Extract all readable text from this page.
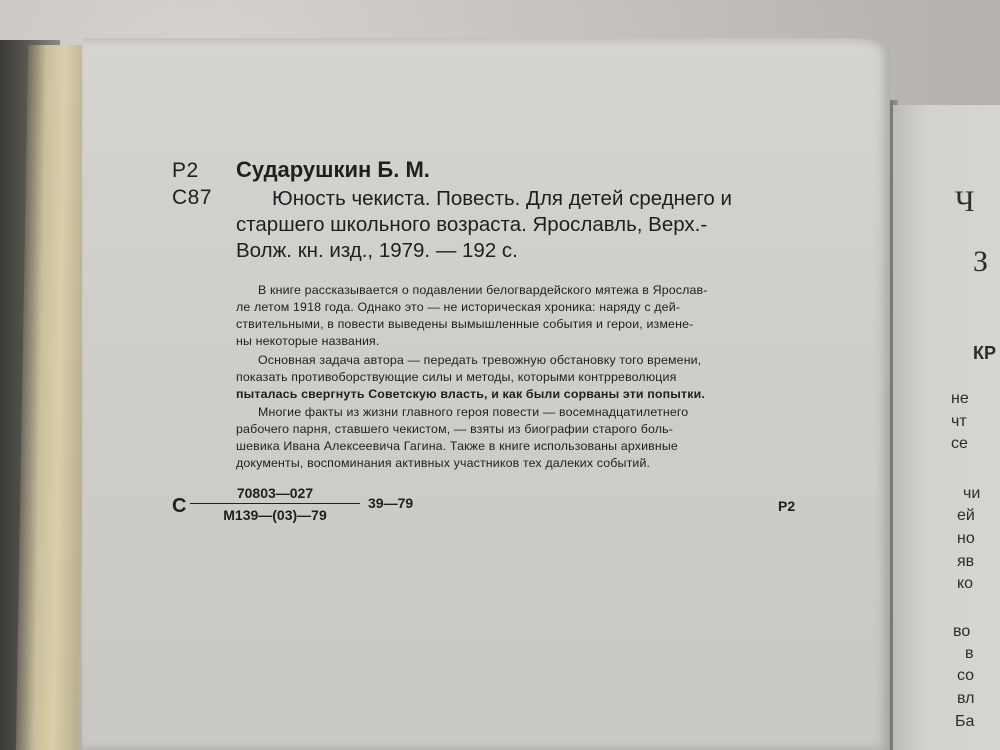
Ч
З
КР
не
чт
се
чи
ей
но
яв
ко
во
в
со
вл
Ба
Р2
С87
Сударушкин Б. М.
Юность чекиста. Повесть. Для детей среднего и
старшего школьного возраста. Ярославль, Верх.-
Волж. кн. изд., 1979. — 192 с.
В книге рассказывается о подавлении белогвардейского мятежа в Ярослав-
ле летом 1918 года. Однако это — не историческая хроника: наряду с дей-
ствительными, в повести выведены вымышленные события и герои, измене-
ны некоторые названия.
Основная задача автора — передать тревожную обстановку того времени,
показать противоборствующие силы и методы, которыми контрреволюция
пыталась свергнуть Советскую власть, и как были сорваны эти попытки.
Многие факты из жизни главного героя повести — восемнадцатилетнего
рабочего парня, ставшего чекистом, — взяты из биографии старого боль-
шевика Ивана Алексеевича Гагина. Также в книге использованы архивные
документы, воспоминания активных участников тех далеких событий.
С
70803—027
М139—(03)—79
39—79	Р2
